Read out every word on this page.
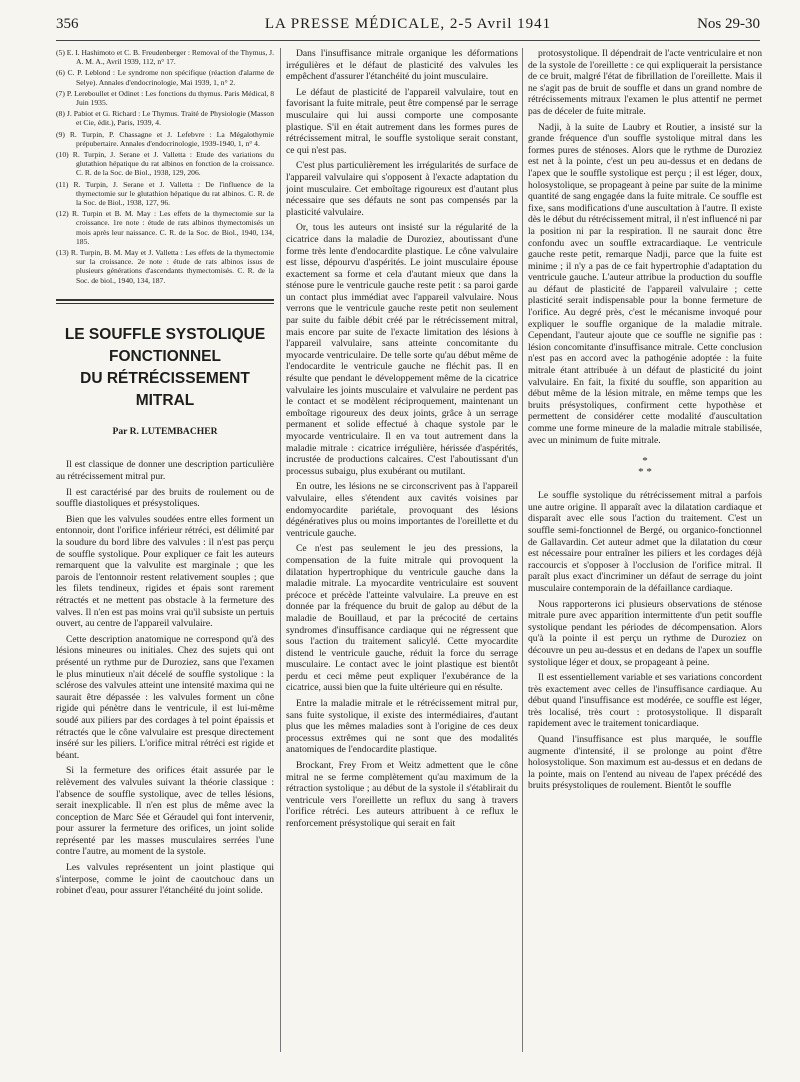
356	LA PRESSE MÉDICALE, 2-5 Avril 1941	Nos 29-30

(5) E. I. Hashimoto et C. B. Freudenberger : Removal of the Thymus, J. A. M. A., Avril 1939, 112, n° 17.

(6) C. P. Leblond : Le syndrome non spécifique (réaction d'alarme de Selye). Annales d'endocrinologie, Mai 1939, 1, n° 2.

(7) P. Lereboullet et Odinet : Les fonctions du thymus. Paris Médical, 8 Juin 1935.

(8) J. Pabiot et G. Richard : Le Thymus. Traité de Physiologie (Masson et Cie, édit.), Paris, 1939, 4.

(9) R. Turpin, P. Chassagne et J. Lefebvre : La Mégalothymie prépubertaire. Annales d'endocrinologie, 1939-1940, 1, n° 4.

(10) R. Turpin, J. Serane et J. Valletta : Etude des variations du glutathion hépatique du rat albinos en fonction de la croissance. C. R. de la Soc. de Biol., 1938, 129, 206.

(11) R. Turpin, J. Serane et J. Valletta : De l'influence de la thymectomie sur le glutathion hépatique du rat albinos. C. R. de la Soc. de Biol., 1938, 127, 96.

(12) R. Turpin et B. M. May : Les effets de la thymectomie sur la croissance. 1re note : étude de rats albinos thymectomisés un mois après leur naissance. C. R. de la Soc. de Biol., 1940, 134, 185.

(13) R. Turpin, B. M. May et J. Valletta : Les effets de la thymectomie sur la croissance. 2e note : étude de rats albinos issus de plusieurs générations d'ascendants thymectomisés. C. R. de la Soc. de biol., 1940, 134, 187.

LE SOUFFLE SYSTOLIQUE
FONCTIONNEL
DU RÉTRÉCISSEMENT MITRAL
Par R. LUTEMBACHER

Il est classique de donner une description particulière au rétrécissement mitral pur.

Il est caractérisé par des bruits de roulement ou de souffle diastoliques et présystoliques.

Bien que les valvules soudées entre elles forment un entonnoir, dont l'orifice inférieur rétréci, est délimité par la soudure du bord libre des valvules : il n'est pas perçu de souffle systolique. Pour expliquer ce fait les auteurs remarquent que la valvulite est marginale ; que les parois de l'entonnoir restent relativement souples ; que les filets tendineux, rigides et épais sont rarement rétractés et ne mettent pas obstacle à la fermeture des valves. Il n'en est pas moins vrai qu'il subsiste un pertuis ouvert, au centre de l'appareil valvulaire.

Cette description anatomique ne correspond qu'à des lésions mineures ou initiales. Chez des sujets qui ont présenté un rythme pur de Duroziez, sans que l'examen le plus minutieux n'ait décelé de souffle systolique : la sclérose des valvules atteint une intensité maxima qui ne saurait être dépassée : les valvules forment un cône rigide qui pénètre dans le ventricule, il est lui-même soudé aux piliers par des cordages à tel point épaissis et rétractés que le cône valvulaire est presque directement inséré sur les piliers. L'orifice mitral rétréci est rigide et béant.

Si la fermeture des orifices était assurée par le relèvement des valvules suivant la théorie classique : l'absence de souffle systolique, avec de telles lésions, serait inexplicable. Il n'en est plus de même avec la conception de Marc Sée et Géraudel qui font intervenir, pour assurer la fermeture des orifices, un joint solide représenté par les masses musculaires serrées l'une contre l'autre, au moment de la systole.

Les valvules représentent un joint plastique qui s'interpose, comme le joint de caoutchouc dans un robinet d'eau, pour assurer l'étanchéité du joint solide.

Dans l'insuffisance mitrale organique les déformations irrégulières et le défaut de plasticité des valvules les empêchent d'assurer l'étanchéité du joint musculaire.

Le défaut de plasticité de l'appareil valvulaire, tout en favorisant la fuite mitrale, peut être compensé par le serrage musculaire qui lui aussi comporte une composante plastique. S'il en était autrement dans les formes pures de rétrécissement mitral, le souffle systolique serait constant, ce qui n'est pas.

C'est plus particulièrement les irrégularités de surface de l'appareil valvulaire qui s'opposent à l'exacte adaptation du joint musculaire. Cet emboîtage rigoureux est d'autant plus nécessaire que ses défauts ne sont pas compensés par la plasticité valvulaire.

Or, tous les auteurs ont insisté sur la régularité de la cicatrice dans la maladie de Duroziez, aboutissant d'une forme très lente d'endocardite plastique. Le cône valvulaire est lisse, dépourvu d'aspérités. Le joint musculaire épouse exactement sa forme et cela d'autant mieux que dans la sténose pure le ventricule gauche reste petit : sa paroi garde un contact plus immédiat avec l'appareil valvulaire. Nous verrons que le ventricule gauche reste petit non seulement par suite du faible débit créé par le rétrécissement mitral, mais encore par suite de l'exacte limitation des lésions à l'appareil valvulaire, sans atteinte concomitante du myocarde ventriculaire. De telle sorte qu'au début même de l'endocardite le ventricule gauche ne fléchit pas. Il en résulte que pendant le développement même de la cicatrice valvulaire les joints musculaire et valvulaire ne perdent pas le contact et se modèlent réciproquement, maintenant un emboîtage rigoureux des deux joints, grâce à un serrage permanent et solide effectué à chaque systole par le myocarde ventriculaire. Il en va tout autrement dans la maladie mitrale : cicatrice irrégulière, hérissée d'aspérités, incrustée de productions calcaires. C'est l'aboutissant d'un processus subaigu, plus exubérant ou mutilant.

En outre, les lésions ne se circonscrivent pas à l'appareil valvulaire, elles s'étendent aux cavités voisines par endomyocardite pariétale, provoquant des lésions dégénératives plus ou moins importantes de l'oreillette et du ventricule gauche.

Ce n'est pas seulement le jeu des pressions, la compensation de la fuite mitrale qui provoquent la dilatation hypertrophique du ventricule gauche dans la maladie mitrale. La myocardite ventriculaire est souvent précoce et précède l'atteinte valvulaire. La preuve en est donnée par la fréquence du bruit de galop au début de la maladie de Bouillaud, et par la précocité de certains syndromes d'insuffisance cardiaque qui ne régressent que sous l'action du traitement salicylé. Cette myocardite distend le ventricule gauche, réduit la force du serrage musculaire. Le contact avec le joint plastique est bientôt perdu et ceci même peut expliquer l'exubérance de la cicatrice, aussi bien que la fuite ultérieure qui en résulte.

Entre la maladie mitrale et le rétrécissement mitral pur, sans fuite systolique, il existe des intermédiaires, d'autant plus que les mêmes maladies sont à l'origine de ces deux processus extrêmes qui ne sont que des modalités anatomiques de l'endocardite plastique.

Brockant, Frey From et Weitz admettent que le cône mitral ne se ferme complètement qu'au maximum de la rétraction systolique ; au début de la systole il s'établirait du ventricule vers l'oreillette un reflux du sang à travers l'orifice rétréci. Les auteurs attribuent à ce reflux le renforcement présystolique qui serait en fait

protosystolique. Il dépendrait de l'acte ventriculaire et non de la systole de l'oreillette : ce qui expliquerait la persistance de ce bruit, malgré l'état de fibrillation de l'oreillette. Mais il ne s'agit pas de bruit de souffle et dans un grand nombre de rétrécissements mitraux l'examen le plus attentif ne permet pas de déceler de fuite mitrale.

Nadji, à la suite de Laubry et Routier, a insisté sur la grande fréquence d'un souffle systolique mitral dans les formes pures de sténoses. Alors que le rythme de Duroziez est net à la pointe, c'est un peu au-dessus et en dedans de l'apex que le souffle systolique est perçu ; il est léger, doux, holosystolique, se propageant à peine par suite de la minime quantité de sang engagée dans la fuite mitrale. Ce souffle est fixe, sans modifications d'une auscultation à l'autre. Il existe dès le début du rétrécissement mitral, il n'est influencé ni par la position ni par la respiration. Il ne saurait donc être confondu avec un souffle extracardiaque. Le ventricule gauche reste petit, remarque Nadji, parce que la fuite est minime ; il n'y a pas de ce fait hypertrophie d'adaptation du ventricule gauche. L'auteur attribue la production du souffle au défaut de plasticité de l'appareil valvulaire ; cette plasticité serait indispensable pour la bonne fermeture de l'orifice. Au degré près, c'est le mécanisme invoqué pour expliquer le souffle organique de la maladie mitrale. Cependant, l'auteur ajoute que ce souffle ne signifie pas : lésion concomitante d'insuffisance mitrale. Cette conclusion n'est pas en accord avec la pathogénie adoptée : la fuite mitrale étant attribuée à un défaut de plasticité du joint valvulaire. En fait, la fixité du souffle, son apparition au début même de la lésion mitrale, en même temps que les bruits présystoliques, confirment cette hypothèse et permettent de considérer cette modalité d'auscultation comme une forme mineure de la maladie mitrale stabilisée, avec un minimum de fuite mitrale.

*
* *

Le souffle systolique du rétrécissement mitral a parfois une autre origine. Il apparaît avec la dilatation cardiaque et disparaît avec elle sous l'action du traitement. C'est un souffle semi-fonctionnel de Bergé, ou organico-fonctionnel de Gallavardin. Cet auteur admet que la dilatation du cœur est nécessaire pour entraîner les piliers et les cordages déjà raccourcis et s'opposer à l'occlusion de l'orifice mitral. Il paraît plus exact d'incriminer un défaut de serrage du joint musculaire contemporain de la défaillance cardiaque.

Nous rapporterons ici plusieurs observations de sténose mitrale pure avec apparition intermittente d'un petit souffle systolique pendant les périodes de décompensation. Alors qu'à la pointe il est perçu un rythme de Duroziez on découvre un peu au-dessus et en dedans de l'apex un souffle systolique léger et doux, se propageant à peine.

Il est essentiellement variable et ses variations concordent très exactement avec celles de l'insuffisance cardiaque. Au début quand l'insuffisance est modérée, ce souffle est léger, très localisé, très court : protosystolique. Il disparaît rapidement avec le traitement tonicardiaque.

Quand l'insuffisance est plus marquée, le souffle augmente d'intensité, il se prolonge au point d'être holosystolique. Son maximum est au-dessus et en dedans de la pointe, mais on l'entend au niveau de l'apex précédé des bruits présystoliques de roulement. Bientôt le souffle
